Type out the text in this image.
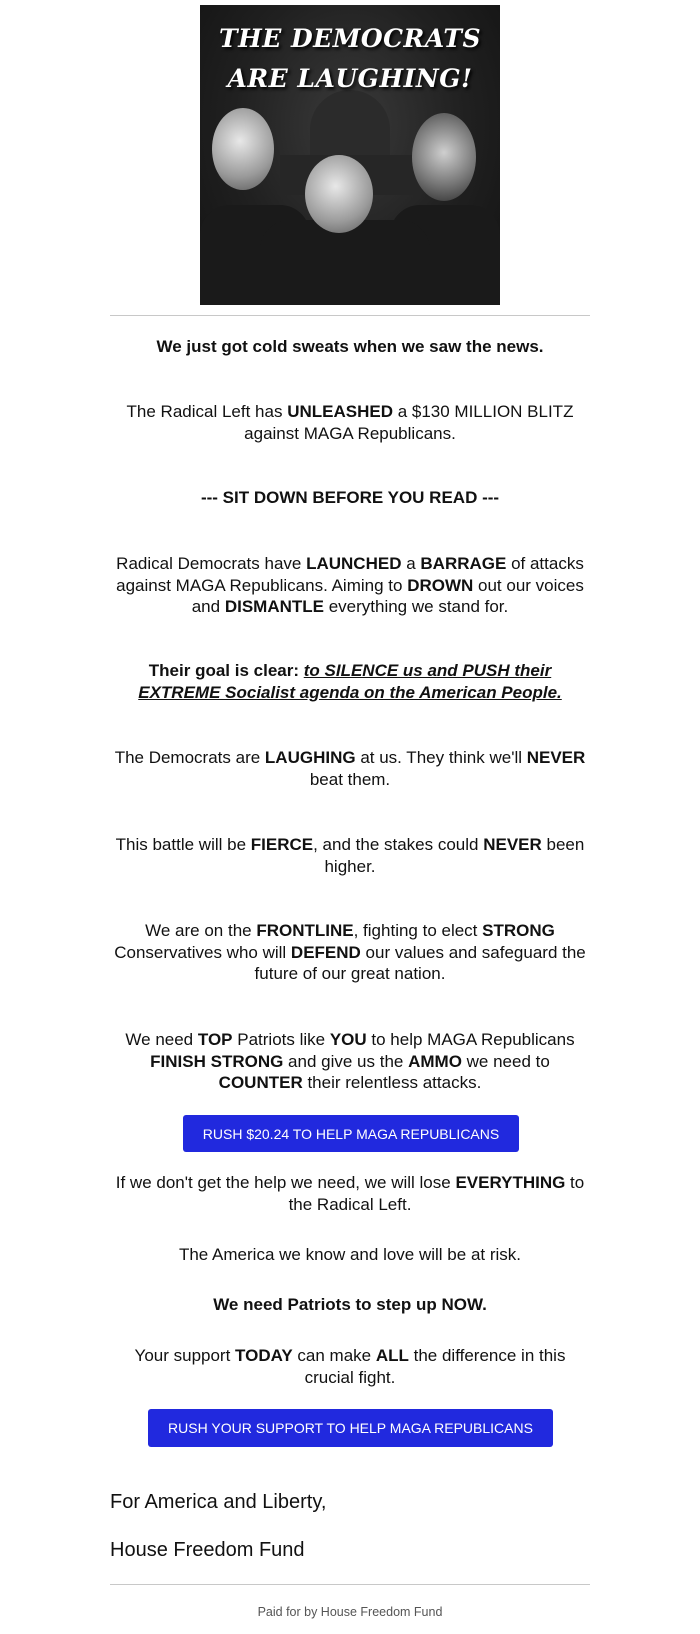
THE DEMOCRATS
ARE LAUGHING!
We just got cold sweats when we saw the news.
The Radical Left has UNLEASHED a $130 MILLION BLITZ against MAGA Republicans.
--- SIT DOWN BEFORE YOU READ ---
Radical Democrats have LAUNCHED a BARRAGE of attacks against MAGA Republicans. Aiming to DROWN out our voices and DISMANTLE everything we stand for.
Their goal is clear: to SILENCE us and PUSH their EXTREME Socialist agenda on the American People.
The Democrats are LAUGHING at us. They think we'll NEVER beat them.
This battle will be FIERCE, and the stakes could NEVER been higher.
We are on the FRONTLINE, fighting to elect STRONG Conservatives who will DEFEND our values and safeguard the future of our great nation.
We need TOP Patriots like YOU to help MAGA Republicans FINISH STRONG and give us the AMMO we need to COUNTER their relentless attacks.
RUSH $20.24 TO HELP MAGA REPUBLICANS
If we don't get the help we need, we will lose EVERYTHING to the Radical Left.
The America we know and love will be at risk.
We need Patriots to step up NOW.
Your support TODAY can make ALL the difference in this crucial fight.
RUSH YOUR SUPPORT TO HELP MAGA REPUBLICANS
For America and Liberty,
House Freedom Fund
Paid for by House Freedom Fund
